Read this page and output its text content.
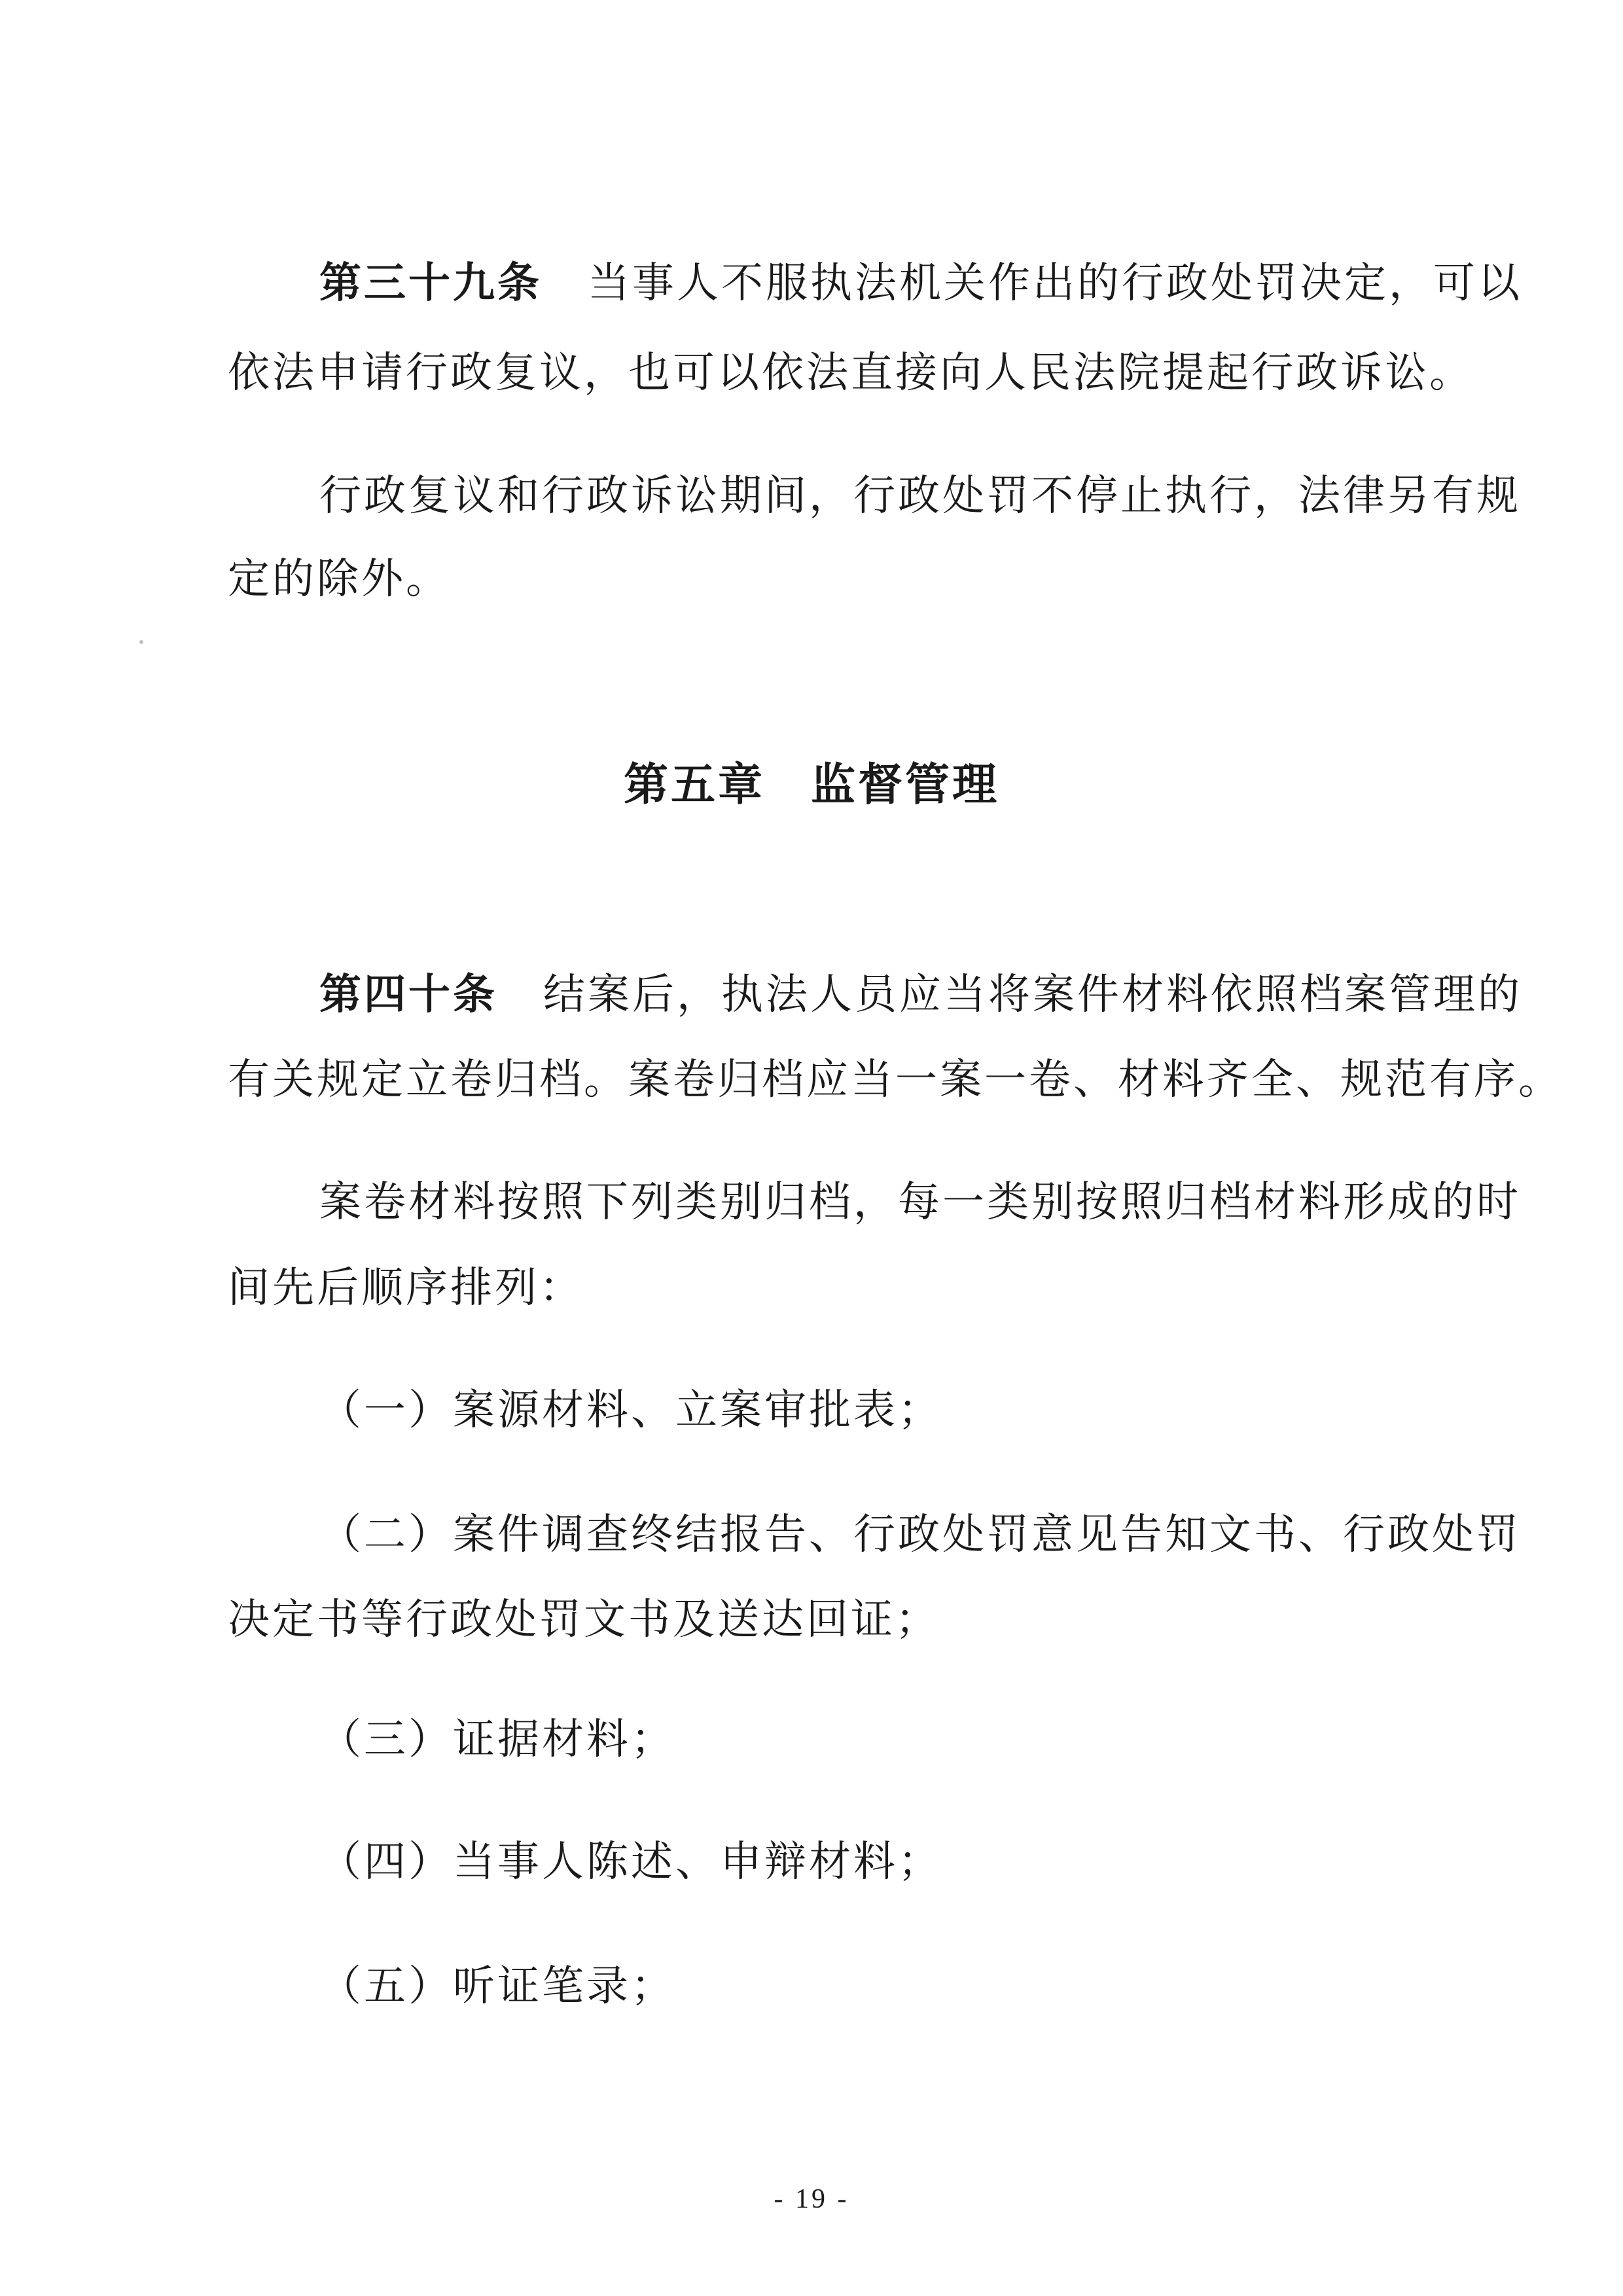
第三十九条 当事人不服执法机关作出的行政处罚决定，可以
依法申请行政复议，也可以依法直接向人民法院提起行政诉讼。
行政复议和行政诉讼期间，行政处罚不停止执行，法律另有规
定的除外。
第五章 监督管理
第四十条 结案后，执法人员应当将案件材料依照档案管理的
有关规定立卷归档。案卷归档应当一案一卷、材料齐全、规范有序。
案卷材料按照下列类别归档，每一类别按照归档材料形成的时
间先后顺序排列：
（一）案源材料、立案审批表；
（二）案件调查终结报告、行政处罚意见告知文书、行政处罚
决定书等行政处罚文书及送达回证；
（三）证据材料；
（四）当事人陈述、申辩材料；
（五）听证笔录；
- 19 -
